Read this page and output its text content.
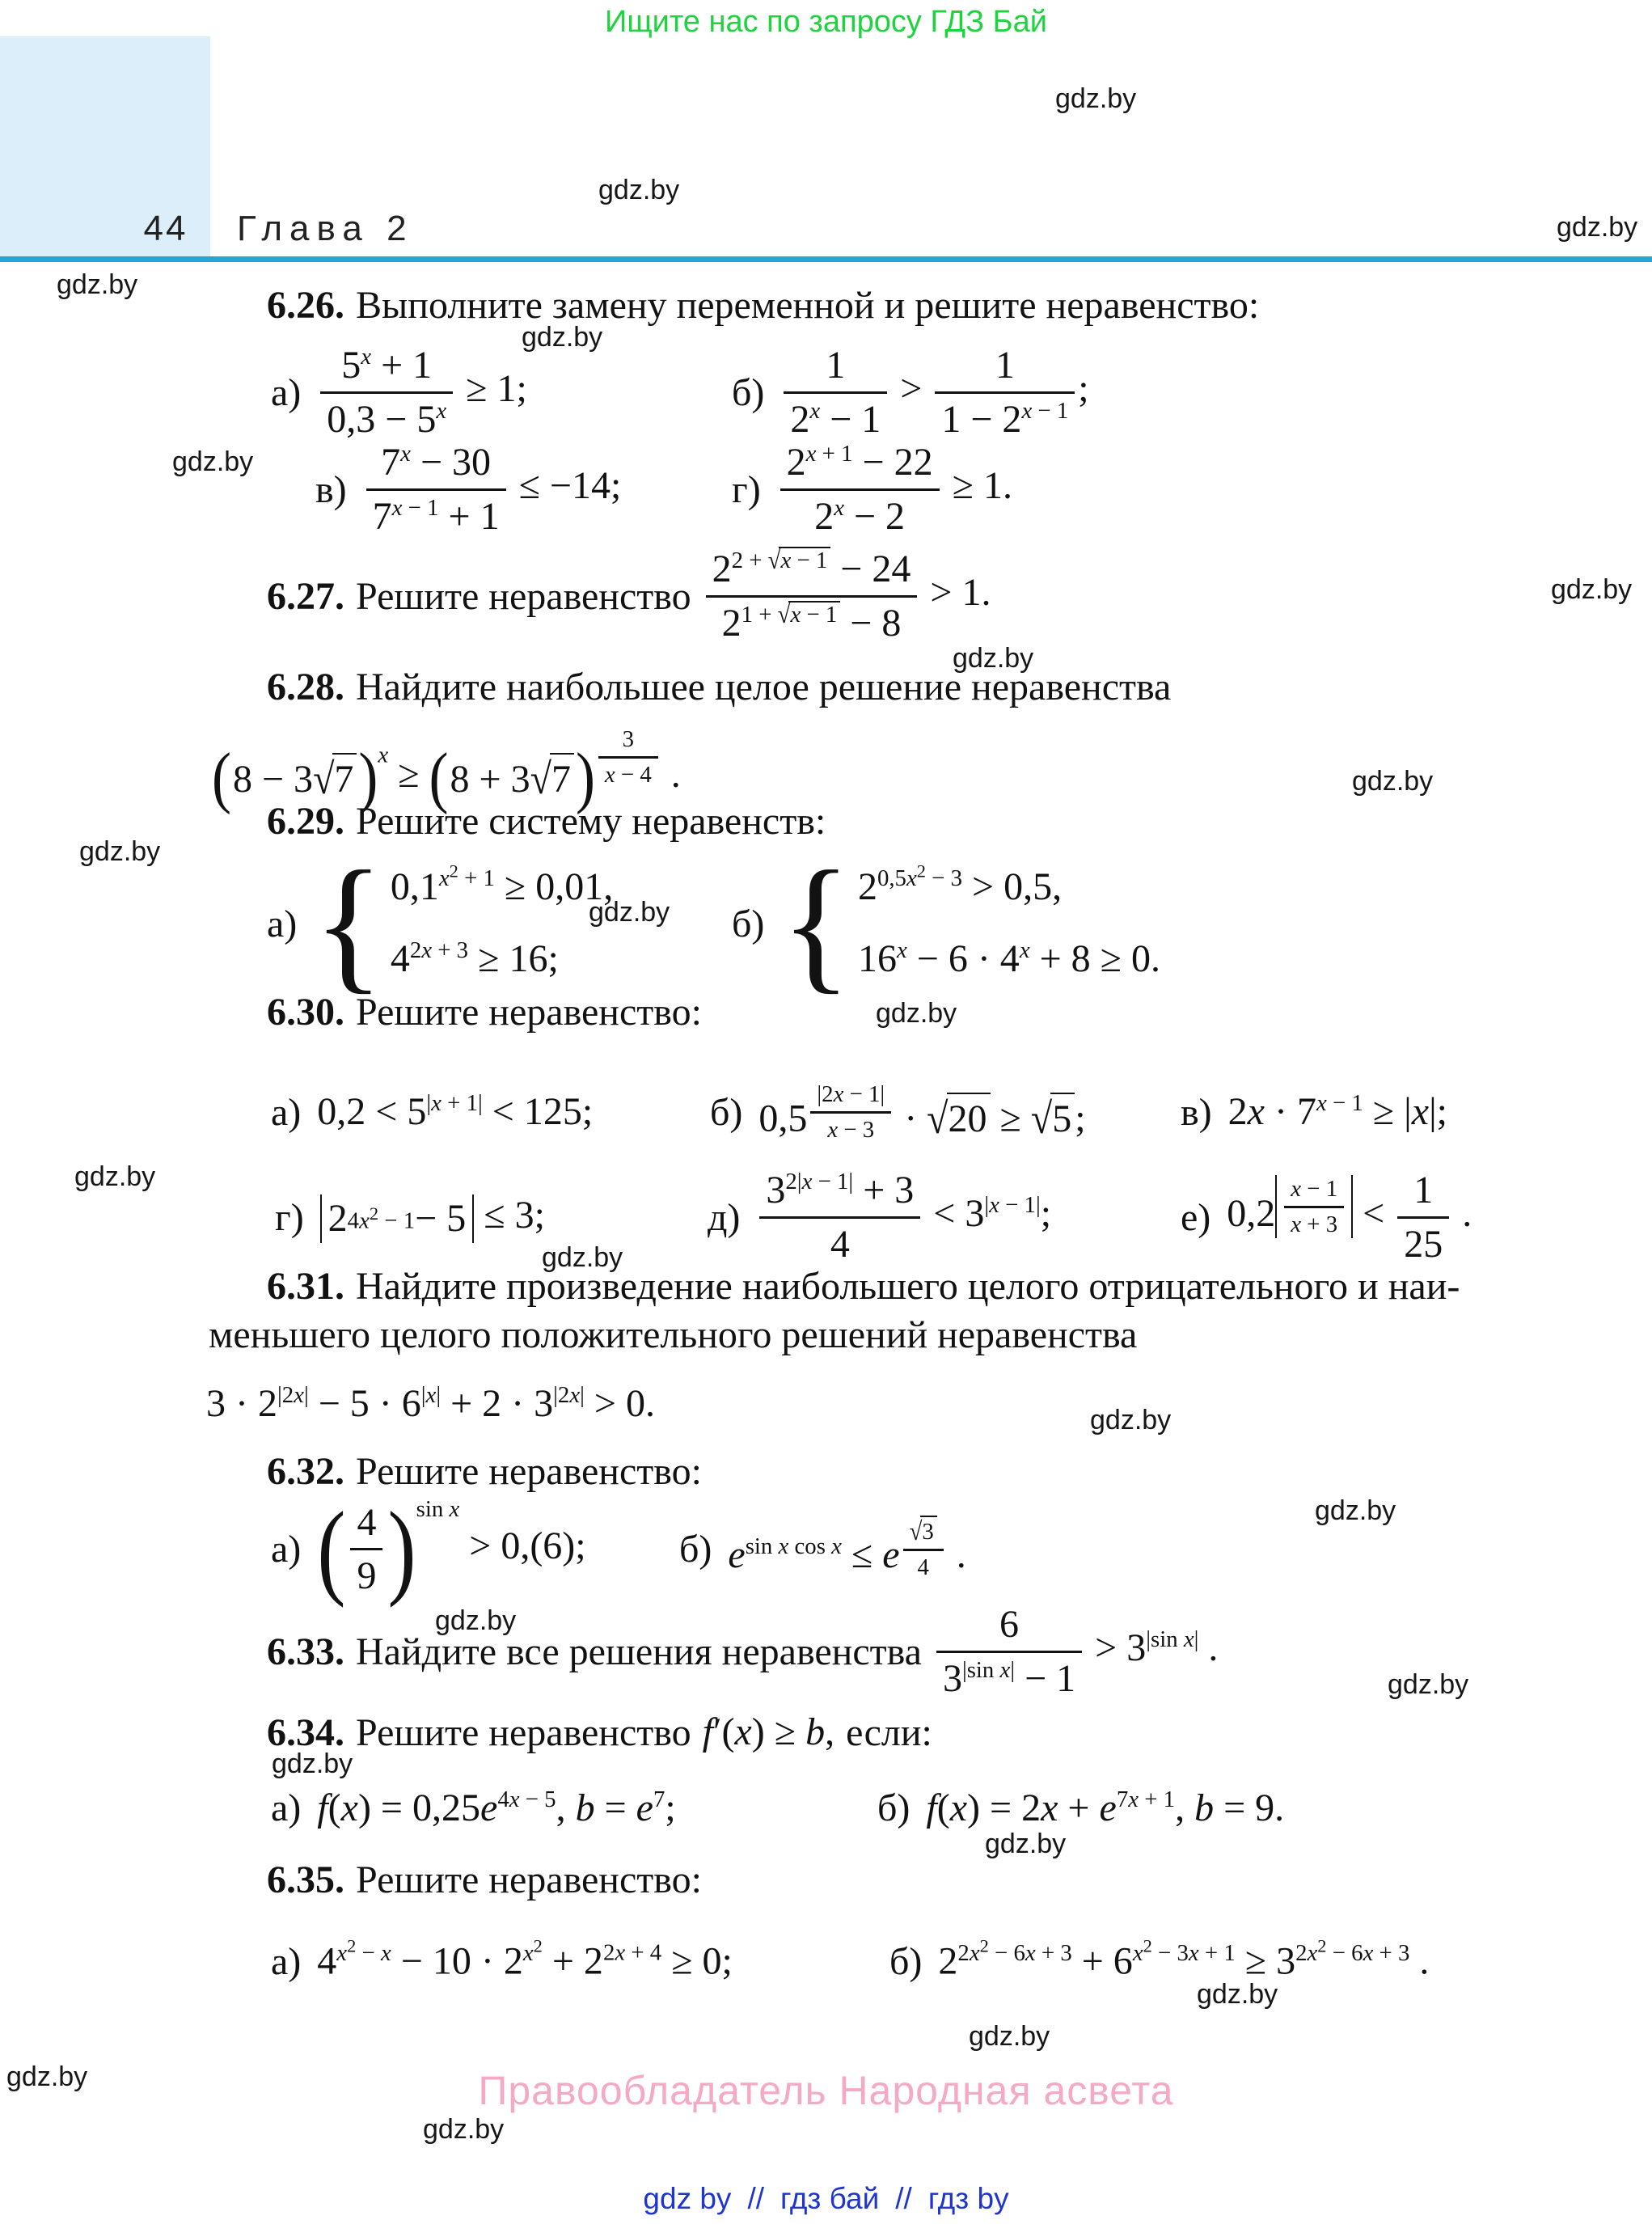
Ищите нас по запросу ГДЗ Бай
44	Глава 2
gdz.by
gdz.by
gdz.by
gdz.by
gdz.by
gdz.by
gdz.by
gdz.by
gdz.by
gdz.by
gdz.by
gdz.by
gdz.by
gdz.by
gdz.by
gdz.by
gdz.by
gdz.by
gdz.by
gdz.by
gdz.by
gdz.by
gdz.by
gdz.by
6.26. Выполните замену переменной и решите неравенство:
$а) \frac{5^x + 1}{0,3 - 5^x} \ge 1$;	$б) \frac{1}{2^x - 1} > \frac{1}{1 - 2^{x - 1}}$ ;
$в) \frac{7^x - 30}{7^{x - 1} + 1} \le -14$;	$г) \frac{2^{x + 1} - 22}{2^x - 2} \ge 1$.
6.27. Решите неравенство $\frac{2^{2 + √x - 1} - 24}{2^{1 + √x - 1} - 8} > 1$.
6.28. Найдите наибольшее целое решение неравенства
( 8 − 3√7 ) $^x$ ≥ ( 8 + 3√7 ) $^{\frac{3}{x - 4}}$ .
6.29. Решите систему неравенств:
а) { $0,1^{x^2 + 1} \ge 0,01$,
$4^{2x + 3} \ge 16$;
б) { $2^{0,5x^2 - 3} > 0,5$,
$16^x - 6 \cdot 4^x + 8 \ge 0$.
6.30. Решите неравенство:
а) $0,2 < 5^{|x + 1|} < 125$;	б) 0,5 $^{\frac{|2x - 1|}{x - 3}}$ · √20 ≥ √5; в) $2x \cdot 7^{x - 1} \ge |x|$;
г) 2 $4x^2 - 1 - 5 \le 3$;	$д) \frac{3^{2|x - 1|} + 3}{4} < 3^{|x - 1|}$;	е) 0,2 $^{\frac{x - 1}{x + 3}} < \frac{1}{25}$ .
6.31. Найдите произведение наибольшего целого отрицательного и наи-
меньшего целого положительного решений неравенства
$3 \cdot 2^{|2x|} - 5 \cdot 6^{|x|} + 2 \cdot 3^{|2x|} > 0$.
6.32. Решите неравенство:
а) ( $\frac{4}{9}$ ) $^{sin x}$ > 0,(6); б) $e^{sin x cos x} \le e$ $^{\frac{√3}{4}}$ .
6.33. Найдите все решения неравенства $\frac{6}{3^{|sin x|} - 1} > 3^{|sin x|}$ .
6.34. Решите неравенство f′(x) ≥ b, если:
а) $f(x) = 0,25e^{4x - 5}$, $b = e^7$;	б) $f(x) = 2x + e^{7x + 1}$, b = 9.
6.35. Решите неравенство:
а) $4^{x^2 - x} - 10 \cdot 2^{x^2} + 2^{2x + 4} \ge 0$;	б) $2^{2x^2 - 6x + 3} + 6^{x^2 - 3x + 1} \ge 3^{2x^2 - 6x + 3}$ .
Правообладатель Народная асвета
gdz by // гдз бай // гдз by
